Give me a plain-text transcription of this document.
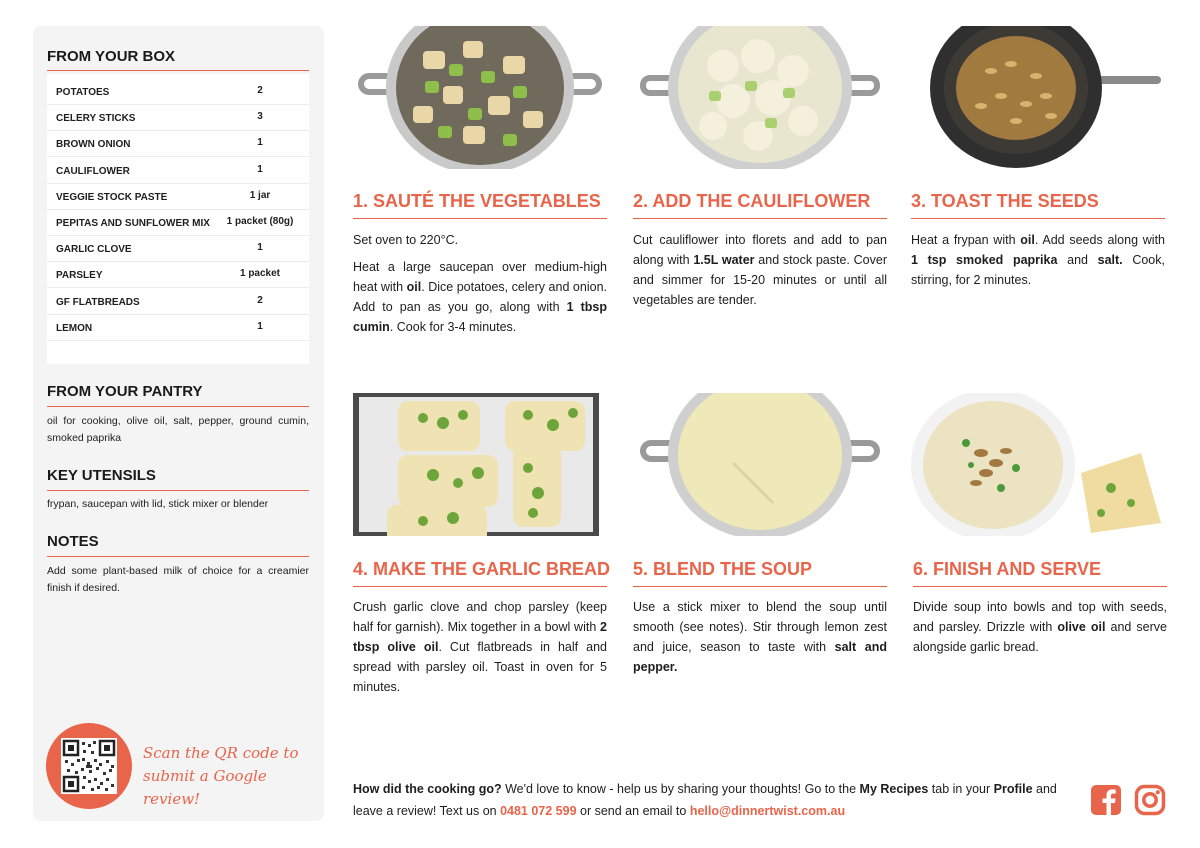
FROM YOUR BOX
POTATOES	2
CELERY STICKS	3
BROWN ONION	1
CAULIFLOWER	1
VEGGIE STOCK PASTE	1 jar
PEPITAS AND SUNFLOWER MIX	1 packet (80g)
GARLIC CLOVE	1
PARSLEY	1 packet
GF FLATBREADS	2
LEMON	1
FROM YOUR PANTRY
oil for cooking, olive oil, salt, pepper, ground cumin, smoked paprika
KEY UTENSILS
frypan, saucepan with lid, stick mixer or blender
NOTES
Add some plant-based milk of choice for a creamier finish if desired.
Scan the QR code to submit a Google review!
1. SAUTÉ THE VEGETABLES

Set oven to 220°C.

Heat a large saucepan over medium-high heat with oil. Dice potatoes, celery and onion. Add to pan as you go, along with 1 tbsp cumin. Cook for 3-4 minutes.

2. ADD THE CAULIFLOWER

Cut cauliflower into florets and add to pan along with 1.5L water and stock paste. Cover and simmer for 15-20 minutes or until all vegetables are tender.

3. TOAST THE SEEDS

Heat a frypan with oil. Add seeds along with 1 tsp smoked paprika and salt. Cook, stirring, for 2 minutes.

4. MAKE THE GARLIC BREAD

Crush garlic clove and chop parsley (keep half for garnish). Mix together in a bowl with 2 tbsp olive oil. Cut flatbreads in half and spread with parsley oil. Toast in oven for 5 minutes.

5. BLEND THE SOUP

Use a stick mixer to blend the soup until smooth (see notes). Stir through lemon zest and juice, season to taste with salt and pepper.

6. FINISH AND SERVE

Divide soup into bowls and top with seeds, and parsley. Drizzle with olive oil and serve alongside garlic bread.

How did the cooking go? We'd love to know - help us by sharing your thoughts! Go to the My Recipes tab in your Profile and leave a review! Text us on 0481 072 599 or send an email to hello@dinnertwist.com.au
